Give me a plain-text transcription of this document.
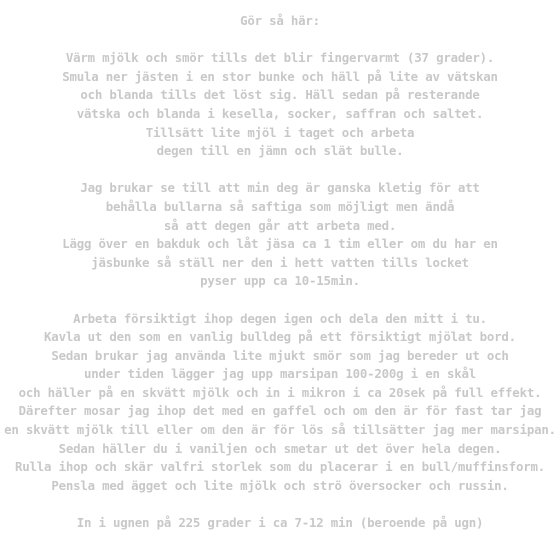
Gör så här:
Värm mjölk och smör tills det blir fingervarmt (37 grader).
Smula ner jästen i en stor bunke och häll på lite av vätskan
och blanda tills det löst sig. Häll sedan på resterande
vätska och blanda i kesella, socker, saffran och saltet.
Tillsätt lite mjöl i taget och arbeta
degen till en jämn och slät bulle.
Jag brukar se till att min deg är ganska kletig för att
behålla bullarna så saftiga som möjligt men ändå
så att degen går att arbeta med.
Lägg över en bakduk och låt jäsa ca 1 tim eller om du har en
jäsbunke så ställ ner den i hett vatten tills locket
pyser upp ca 10-15min.
Arbeta försiktigt ihop degen igen och dela den mitt i tu.
Kavla ut den som en vanlig bulldeg på ett försiktigt mjölat bord.
Sedan brukar jag använda lite mjukt smör som jag bereder ut och
under tiden lägger jag upp marsipan 100-200g i en skål
och häller på en skvätt mjölk och in i mikron i ca 20sek på full effekt.
Därefter mosar jag ihop det med en gaffel och om den är för fast tar jag
en skvätt mjölk till eller om den är för lös så tillsätter jag mer marsipan.
Sedan häller du i vaniljen och smetar ut det över hela degen.
Rulla ihop och skär valfri storlek som du placerar i en bull/muffinsform.
Pensla med ägget och lite mjölk och strö översocker och russin.
In i ugnen på 225 grader i ca 7-12 min (beroende på ugn)
